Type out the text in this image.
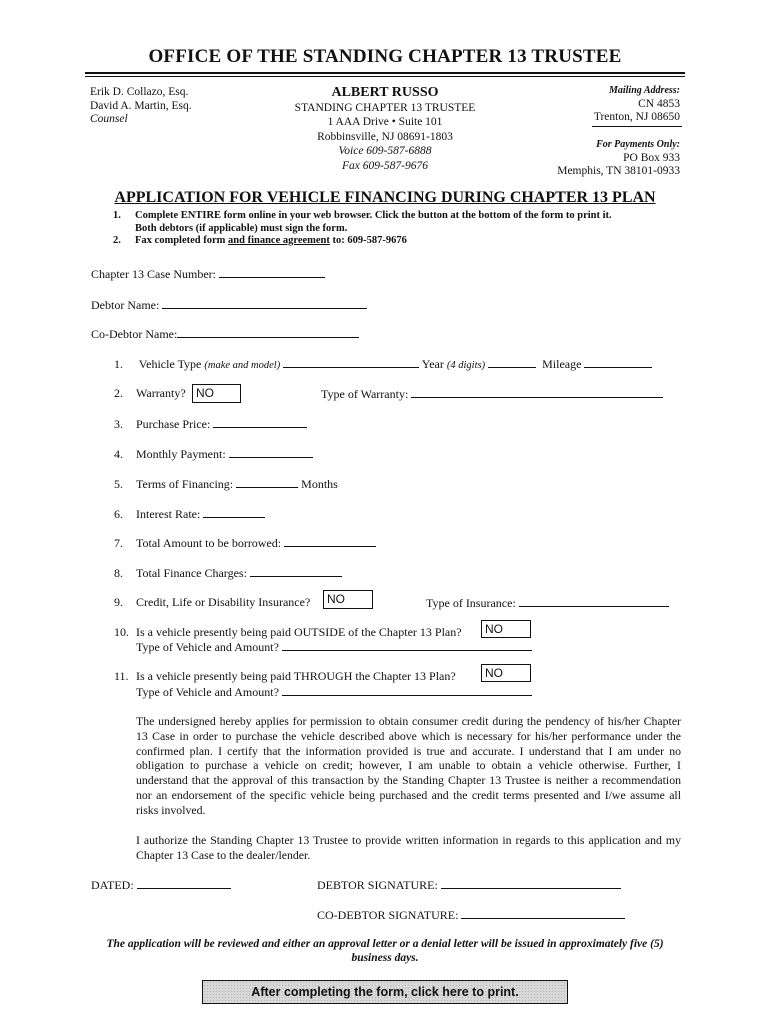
OFFICE OF THE STANDING CHAPTER 13 TRUSTEE
Erik D. Collazo, Esq.
David A. Martin, Esq.
Counsel
ALBERT RUSSO
STANDING CHAPTER 13 TRUSTEE
1 AAA Drive • Suite 101
Robbinsville, NJ 08691-1803
Voice 609-587-6888
Fax 609-587-9676
Mailing Address:
CN 4853
Trenton, NJ 08650
For Payments Only:
PO Box 933
Memphis, TN 38101-0933
APPLICATION FOR VEHICLE FINANCING DURING CHAPTER 13 PLAN
1. Complete ENTIRE form online in your web browser. Click the button at the bottom of the form to print it.
Both debtors (if applicable) must sign the form.
2. Fax completed form and finance agreement to: 609-587-9676
Chapter 13 Case Number:
Debtor Name:
Co-Debtor Name:
1. Vehicle Type (make and model)	Year (4 digits)	Mileage
2. Warranty? NO	Type of Warranty:
3. Purchase Price:
4. Monthly Payment:
5. Terms of Financing:	Months
6. Interest Rate:
7. Total Amount to be borrowed:
8. Total Finance Charges:
9. Credit, Life or Disability Insurance?	NO	Type of Insurance:
10. Is a vehicle presently being paid OUTSIDE of the Chapter 13 Plan?	NO
Type of Vehicle and Amount?
11. Is a vehicle presently being paid THROUGH the Chapter 13 Plan?	NO
Type of Vehicle and Amount?
The undersigned hereby applies for permission to obtain consumer credit during the pendency of his/her Chapter 13 Case in order to purchase the vehicle described above which is necessary for his/her performance under the confirmed plan. I certify that the information provided is true and accurate. I understand that I am under no obligation to purchase a vehicle on credit; however, I am unable to obtain a vehicle otherwise. Further, I understand that the approval of this transaction by the Standing Chapter 13 Trustee is neither a recommendation nor an endorsement of the specific vehicle being purchased and the credit terms presented and I/we assume all risks involved.
I authorize the Standing Chapter 13 Trustee to provide written information in regards to this application and my Chapter 13 Case to the dealer/lender.
DATED:	DEBTOR SIGNATURE:
CO-DEBTOR SIGNATURE:
The application will be reviewed and either an approval letter or a denial letter will be issued in approximately five (5) business days.
After completing the form, click here to print.
